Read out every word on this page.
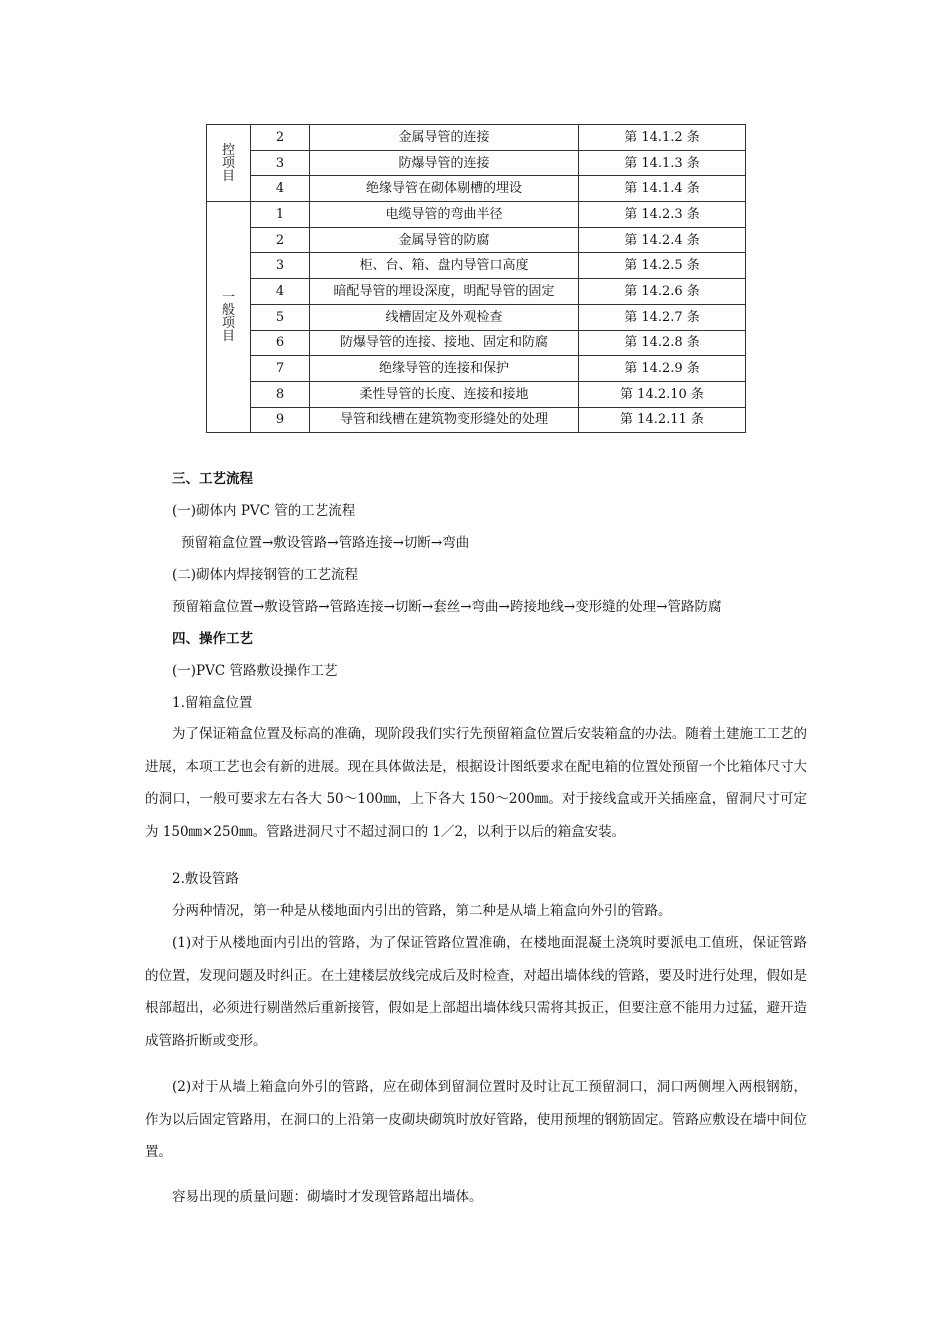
控
项
目	2	金属导管的连接	第 14.1.2 条
	3	防爆导管的连接	第 14.1.3 条
	4	绝缘导管在砌体剔槽的埋设	第 14.1.4 条

一
般
项
目	1	电缆导管的弯曲半径	第 14.2.3 条
	2	金属导管的防腐	第 14.2.4 条
	3	柜、台、箱、盘内导管口高度	第 14.2.5 条
	4	暗配导管的埋设深度，明配导管的固定	第 14.2.6 条
	5	线槽固定及外观检查	第 14.2.7 条
	6	防爆导管的连接、接地、固定和防腐	第 14.2.8 条
	7	绝缘导管的连接和保护	第 14.2.9 条
	8	柔性导管的长度、连接和接地	第 14.2.10 条
	9	导管和线槽在建筑物变形缝处的处理	第 14.2.11 条
三、工艺流程
(一)砌体内 PVC 管的工艺流程
预留箱盒位置→敷设管路→管路连接→切断→弯曲
(二)砌体内焊接钢管的工艺流程
预留箱盒位置→敷设管路→管路连接→切断→套丝→弯曲→跨接地线→变形缝的处理→管路防腐
四、操作工艺
(一)PVC 管路敷设操作工艺
1.留箱盒位置

为了保证箱盒位置及标高的准确，现阶段我们实行先预留箱盒位置后安装箱盒的办法。随着土建施工工艺的进展，本项工艺也会有新的进展。现在具体做法是，根据设计图纸要求在配电箱的位置处预留一个比箱体尺寸大的洞口，一般可要求左右各大 50～100㎜，上下各大 150～200㎜。对于接线盒或开关插座盒，留洞尺寸可定为 150㎜×250㎜。管路进洞尺寸不超过洞口的 1／2，以利于以后的箱盒安装。

2.敷设管路

分两种情况，第一种是从楼地面内引出的管路，第二种是从墙上箱盒向外引的管路。

(1)对于从楼地面内引出的管路，为了保证管路位置准确，在楼地面混凝土浇筑时要派电工值班，保证管路的位置，发现问题及时纠正。在土建楼层放线完成后及时检查，对超出墙体线的管路，要及时进行处理，假如是根部超出，必须进行剔凿然后重新接管，假如是上部超出墙体线只需将其扳正，但要注意不能用力过猛，避开造成管路折断或变形。

(2)对于从墙上箱盒向外引的管路，应在砌体到留洞位置时及时让瓦工预留洞口，洞口两侧埋入两根钢筋，作为以后固定管路用，在洞口的上沿第一皮砌块砌筑时放好管路，使用预埋的钢筋固定。管路应敷设在墙中间位置。

容易出现的质量问题：砌墙时才发现管路超出墙体。
